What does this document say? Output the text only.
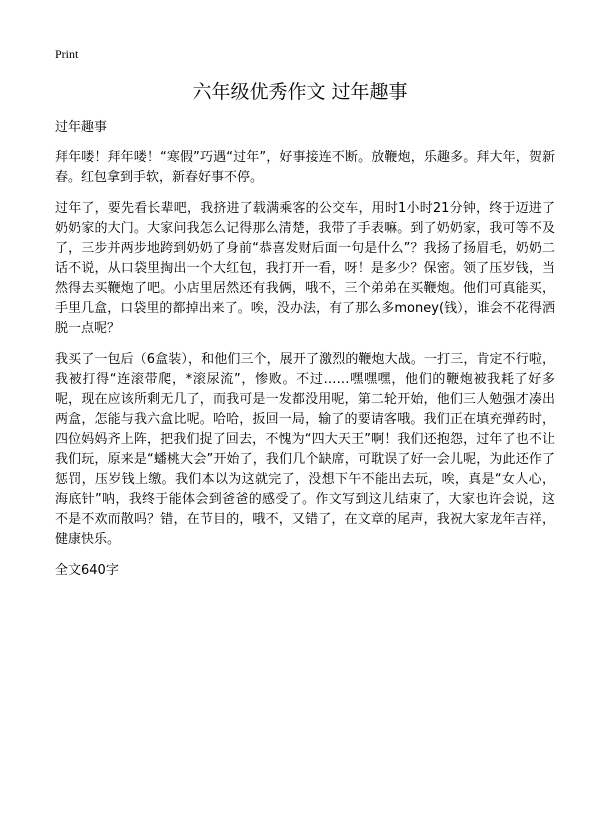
Print
六年级优秀作文 过年趣事

过年趣事

拜年喽！拜年喽！“寒假”巧遇“过年”，好事接连不断。放鞭炮，乐趣多。拜大年，贺新春。红包拿到手软，新春好事不停。

过年了，要先看长辈吧，我挤进了载满乘客的公交车，用时1小时21分钟，终于迈进了奶奶家的大门。大家问我怎么记得那么清楚，我带了手表嘛。到了奶奶家，我可等不及了，三步并两步地跨到奶奶了身前“恭喜发财后面一句是什么”？我扬了扬眉毛，奶奶二话不说，从口袋里掏出一个大红包，我打开一看，呀！是多少？保密。领了压岁钱，当然得去买鞭炮了吧。小店里居然还有我俩，哦不，三个弟弟在买鞭炮。他们可真能买，手里几盒，口袋里的都掉出来了。唉，没办法，有了那么多money(钱），谁会不花得洒脱一点呢？

我买了一包后（6盒装），和他们三个，展开了激烈的鞭炮大战。一打三，肯定不行啦，我被打得“连滚带爬，*滚尿流”，惨败。不过……嘿嘿嘿，他们的鞭炮被我耗了好多呢，现在应该所剩无几了，而我可是一发都没用呢，第二轮开始，他们三人勉强才凑出两盒，怎能与我六盒比呢。哈哈，扳回一局，输了的要请客哦。我们正在填充弹药时，四位妈妈齐上阵，把我们捉了回去，不愧为“四大天王”啊！我们还抱怨，过年了也不让我们玩，原来是“蟠桃大会”开始了，我们几个缺席，可耽误了好一会儿呢，为此还作了惩罚，压岁钱上缴。我们本以为这就完了，没想下午不能出去玩，唉，真是“女人心，海底针”呐，我终于能体会到爸爸的感受了。作文写到这儿结束了，大家也许会说，这不是不欢而散吗？错，在节目的，哦不，又错了，在文章的尾声，我祝大家龙年吉祥，健康快乐。

全文640字
